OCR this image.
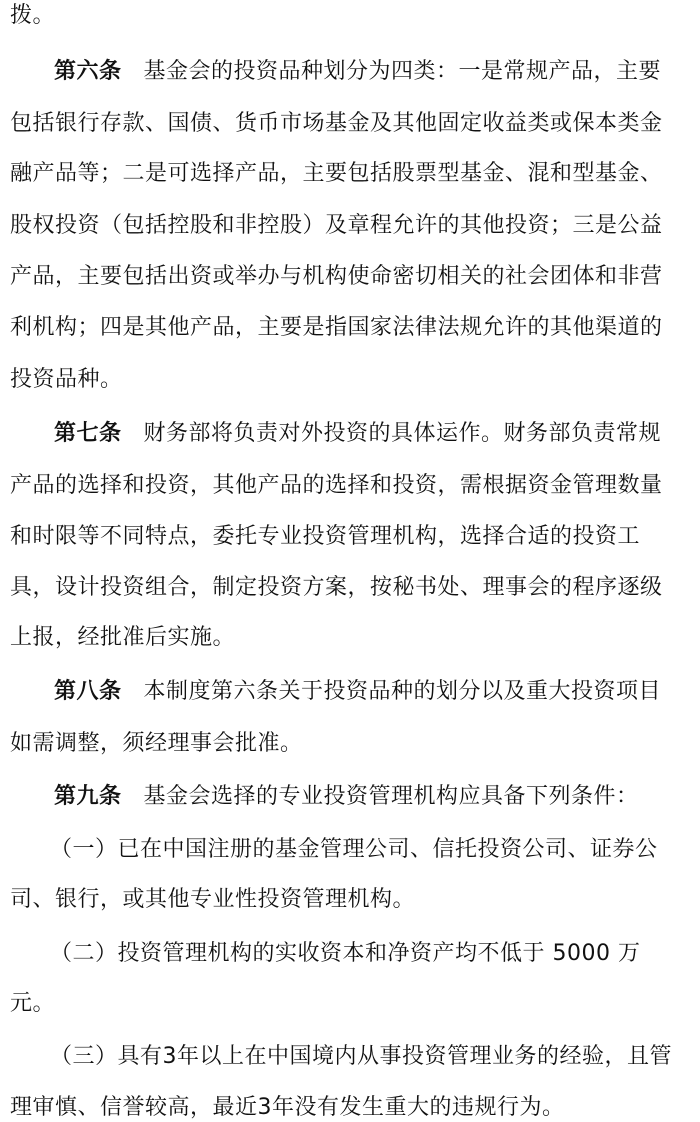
拨。
第六条 基金会的投资品种划分为四类：一是常规产品，主要
包括银行存款、国债、货币市场基金及其他固定收益类或保本类金
融产品等；二是可选择产品，主要包括股票型基金、混和型基金、
股权投资（包括控股和非控股）及章程允许的其他投资；三是公益
产品，主要包括出资或举办与机构使命密切相关的社会团体和非营
利机构；四是其他产品，主要是指国家法律法规允许的其他渠道的
投资品种。
第七条 财务部将负责对外投资的具体运作。财务部负责常规
产品的选择和投资，其他产品的选择和投资，需根据资金管理数量
和时限等不同特点，委托专业投资管理机构，选择合适的投资工
具，设计投资组合，制定投资方案，按秘书处、理事会的程序逐级
上报，经批准后实施。
第八条 本制度第六条关于投资品种的划分以及重大投资项目
如需调整，须经理事会批准。
第九条 基金会选择的专业投资管理机构应具备下列条件：
（一）已在中国注册的基金管理公司、信托投资公司、证券公
司、银行，或其他专业性投资管理机构。
（二）投资管理机构的实收资本和净资产均不低于 5000 万
元。
（三）具有3年以上在中国境内从事投资管理业务的经验，且管
理审慎、信誉较高，最近3年没有发生重大的违规行为。
